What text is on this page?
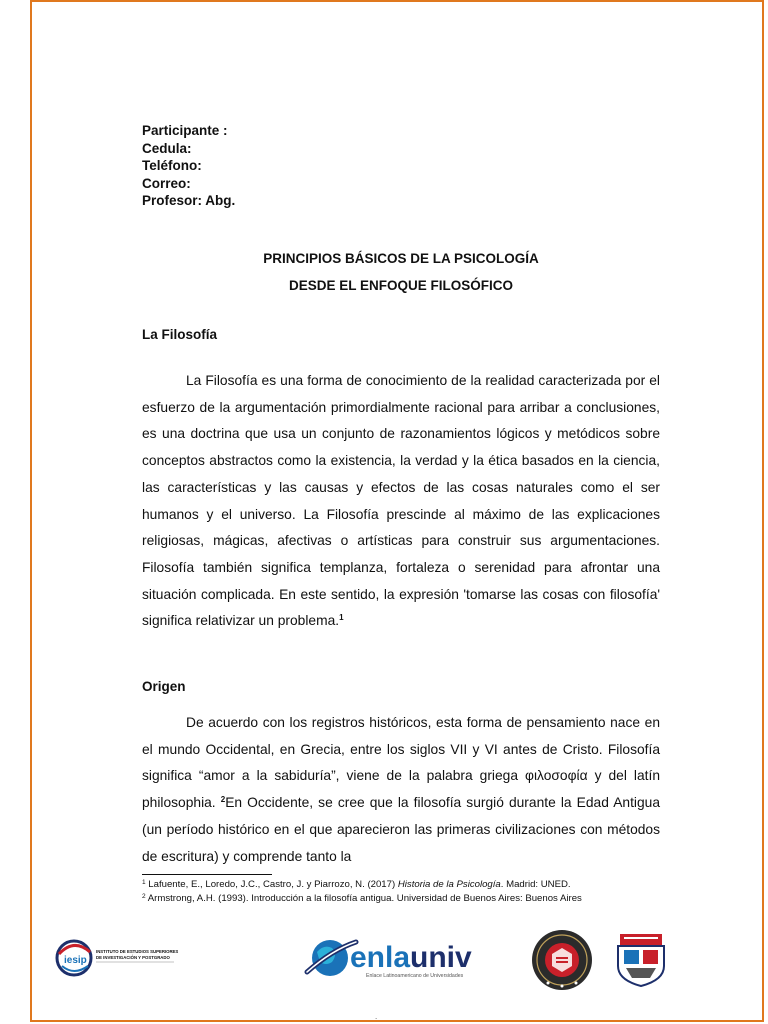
Participante :
Cedula:
Teléfono:
Correo:
Profesor: Abg.
PRINCIPIOS BÁSICOS DE LA PSICOLOGÍA
DESDE EL ENFOQUE FILOSÓFICO
La Filosofía
La Filosofía es una forma de conocimiento de la realidad caracterizada por el esfuerzo de la argumentación primordialmente racional para arribar a conclusiones, es una doctrina que usa un conjunto de razonamientos lógicos y metódicos sobre conceptos abstractos como la existencia, la verdad y la ética basados en la ciencia, las características y las causas y efectos de las cosas naturales como el ser humanos y el universo. La Filosofía prescinde al máximo de las explicaciones religiosas, mágicas, afectivas o artísticas para construir sus argumentaciones. Filosofía también significa templanza, fortaleza o serenidad para afrontar una situación complicada. En este sentido, la expresión 'tomarse las cosas con filosofía' significa relativizar un problema.$^1$
Origen
De acuerdo con los registros históricos, esta forma de pensamiento nace en el mundo Occidental, en Grecia, entre los siglos VII y VI antes de Cristo. Filosofía significa “amor a la sabiduría”, viene de la palabra griega φιλοσοφία y del latín philosophia. $^2$En Occidente, se cree que la filosofía surgió durante la Edad Antigua (un período histórico en el que aparecieron las primeras civilizaciones con métodos de escritura) y comprende tanto la

$^1$ Lafuente, E., Loredo, J.C., Castro, J. y Piarrozo, N. (2017) Historia de la Psicología. Madrid: UNED.

$^2$ Armstrong, A.H. (1993). Introducción a la filosofía antigua. Universidad de Buenos Aires: Buenos Aires

iesip
INSTITUTO DE ESTUDIOS SUPERIORES
DE INVESTIGACIÓN Y POSTGRADO	enlauniv
Enlace Latinoamericano de Universidades
.
